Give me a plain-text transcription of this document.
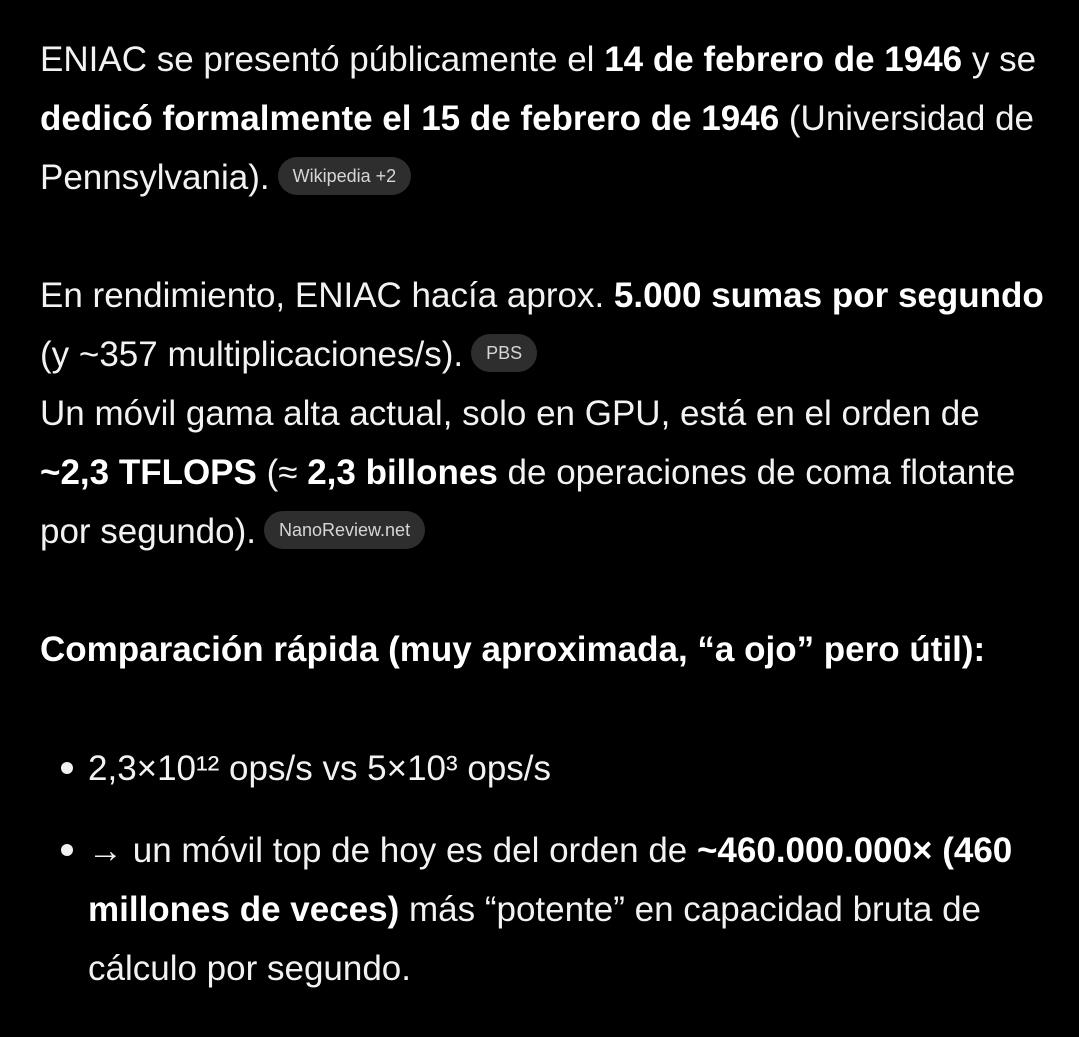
ENIAC se presentó públicamente el 14 de febrero de 1946 y se dedicó formalmente el 15 de febrero de 1946 (Universidad de Pennsylvania). Wikipedia +2

En rendimiento, ENIAC hacía aprox. 5.000 sumas por segundo (y ~357 multiplicaciones/s). PBS

Un móvil gama alta actual, solo en GPU, está en el orden de ~2,3 TFLOPS (≈ 2,3 billones de operaciones de coma flotante por segundo). NanoReview.net

Comparación rápida (muy aproximada, “a ojo” pero útil):

2,3×10¹² ops/s vs 5×10³ ops/s
→ un móvil top de hoy es del orden de ~460.000.000× (460 millones de veces) más “potente” en capacidad bruta de cálculo por segundo.
